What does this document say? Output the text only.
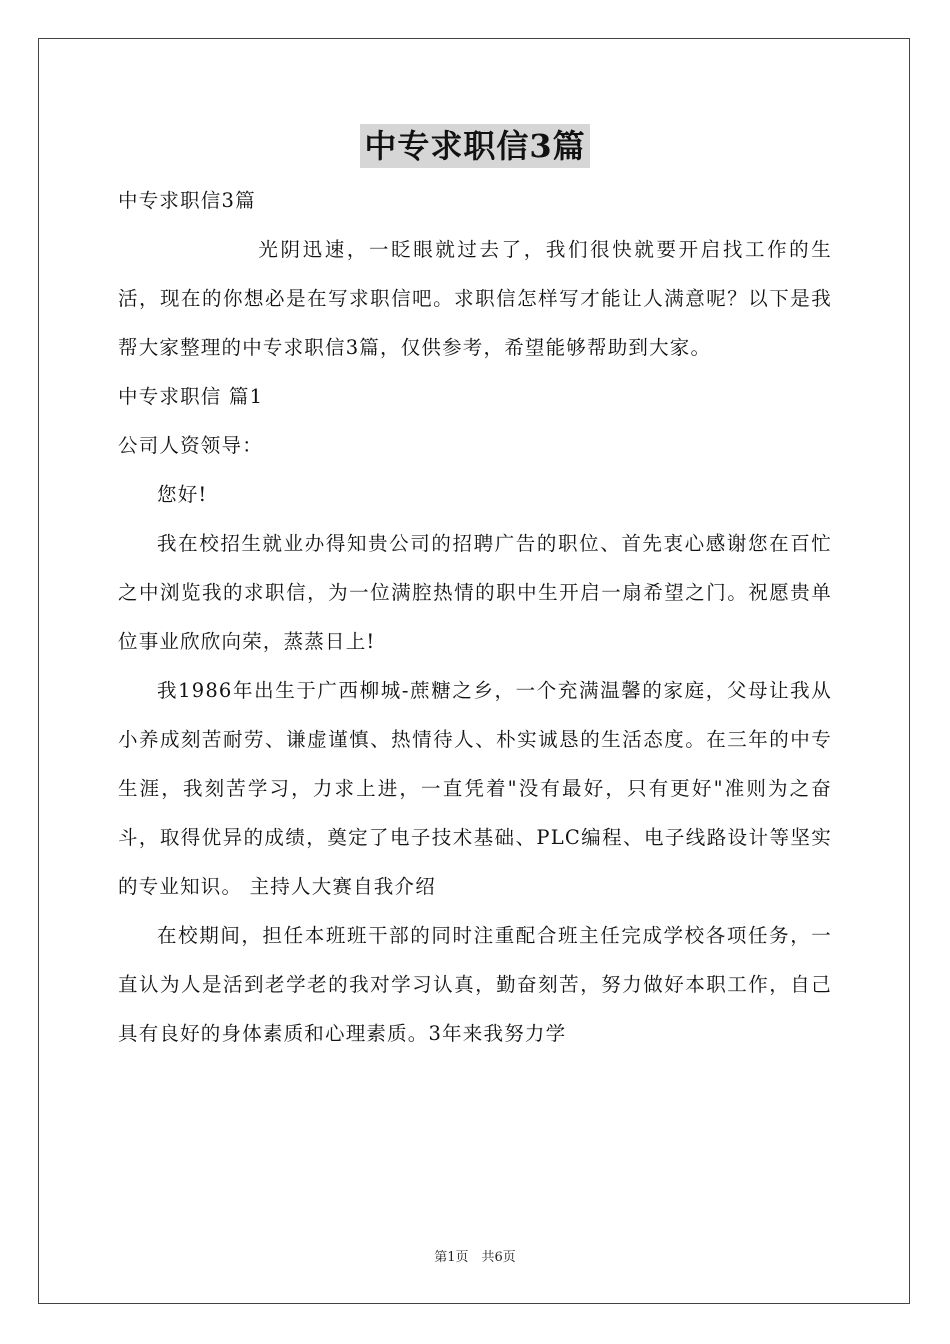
中专求职信3篇

中专求职信3篇

光阴迅速，一眨眼就过去了，我们很快就要开启找工作的生活，现在的你想必是在写求职信吧。求职信怎样写才能让人满意呢？以下是我帮大家整理的中专求职信3篇，仅供参考，希望能够帮助到大家。

中专求职信 篇1

公司人资领导：

您好!

我在校招生就业办得知贵公司的招聘广告的职位、首先衷心感谢您在百忙之中浏览我的求职信，为一位满腔热情的职中生开启一扇希望之门。祝愿贵单位事业欣欣向荣，蒸蒸日上!

我1986年出生于广西柳城-蔗糖之乡，一个充满温馨的家庭，父母让我从小养成刻苦耐劳、谦虚谨慎、热情待人、朴实诚恳的生活态度。在三年的中专生涯，我刻苦学习，力求上进，一直凭着"没有最好，只有更好"准则为之奋斗，取得优异的成绩，奠定了电子技术基础、PLC编程、电子线路设计等坚实的专业知识。 主持人大赛自我介绍

在校期间，担任本班班干部的同时注重配合班主任完成学校各项任务，一直认为人是活到老学老的我对学习认真，勤奋刻苦，努力做好本职工作，自己具有良好的身体素质和心理素质。3年来我努力学

第1页　共6页
